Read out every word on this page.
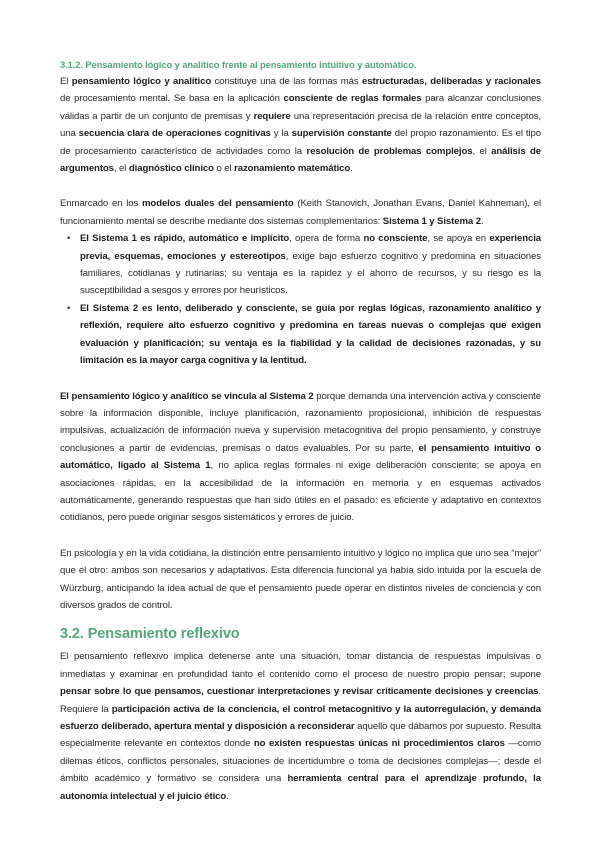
3.1.2. Pensamiento lógico y analítico frente al pensamiento intuitivo y automático.

El pensamiento lógico y analítico constituye una de las formas más estructuradas, deliberadas y racionales de procesamiento mental. Se basa en la aplicación consciente de reglas formales para alcanzar conclusiones válidas a partir de un conjunto de premisas y requiere una representación precisa de la relación entre conceptos, una secuencia clara de operaciones cognitivas y la supervisión constante del propio razonamiento. Es el tipo de procesamiento característico de actividades como la resolución de problemas complejos, el análisis de argumentos, el diagnóstico clínico o el razonamiento matemático.

Enmarcado en los modelos duales del pensamiento (Keith Stanovich, Jonathan Evans, Daniel Kahneman), el funcionamiento mental se describe mediante dos sistemas complementarios: Sistema 1 y Sistema 2.

• El Sistema 1 es rápido, automático e implícito, opera de forma no consciente, se apoya en experiencia previa, esquemas, emociones y estereotipos, exige bajo esfuerzo cognitivo y predomina en situaciones familiares, cotidianas y rutinarias; su ventaja es la rapidez y el ahorro de recursos, y su riesgo es la susceptibilidad a sesgos y errores por heurísticos.
• El Sistema 2 es lento, deliberado y consciente, se guía por reglas lógicas, razonamiento analítico y reflexión, requiere alto esfuerzo cognitivo y predomina en tareas nuevas o complejas que exigen evaluación y planificación; su ventaja es la fiabilidad y la calidad de decisiones razonadas, y su limitación es la mayor carga cognitiva y la lentitud.

El pensamiento lógico y analítico se vincula al Sistema 2 porque demanda una intervención activa y consciente sobre la información disponible, incluye planificación, razonamiento proposicional, inhibición de respuestas impulsivas, actualización de información nueva y supervisión metacognitiva del propio pensamiento, y construye conclusiones a partir de evidencias, premisas o datos evaluables. Por su parte, el pensamiento intuitivo o automático, ligado al Sistema 1, no aplica reglas formales ni exige deliberación consciente; se apoya en asociaciones rápidas, en la accesibilidad de la información en memoria y en esquemas activados automáticamente, generando respuestas que han sido útiles en el pasado: es eficiente y adaptativo en contextos cotidianos, pero puede originar sesgos sistemáticos y errores de juicio.

En psicología y en la vida cotidiana, la distinción entre pensamiento intuitivo y lógico no implica que uno sea “mejor” que el otro: ambos son necesarios y adaptativos. Esta diferencia funcional ya había sido intuida por la escuela de Würzburg, anticipando la idea actual de que el pensamiento puede operar en distintos niveles de conciencia y con diversos grados de control.

3.2. Pensamiento reflexivo

El pensamiento reflexivo implica detenerse ante una situación, tomar distancia de respuestas impulsivas o inmediatas y examinar en profundidad tanto el contenido como el proceso de nuestro propio pensar; supone pensar sobre lo que pensamos, cuestionar interpretaciones y revisar críticamente decisiones y creencias. Requiere la participación activa de la conciencia, el control metacognitivo y la autorregulación, y demanda esfuerzo deliberado, apertura mental y disposición a reconsiderar aquello que dábamos por supuesto. Resulta especialmente relevante en contextos donde no existen respuestas únicas ni procedimientos claros —como dilemas éticos, conflictos personales, situaciones de incertidumbre o toma de decisiones complejas—; desde el ámbito académico y formativo se considera una herramienta central para el aprendizaje profundo, la autonomía intelectual y el juicio ético.
